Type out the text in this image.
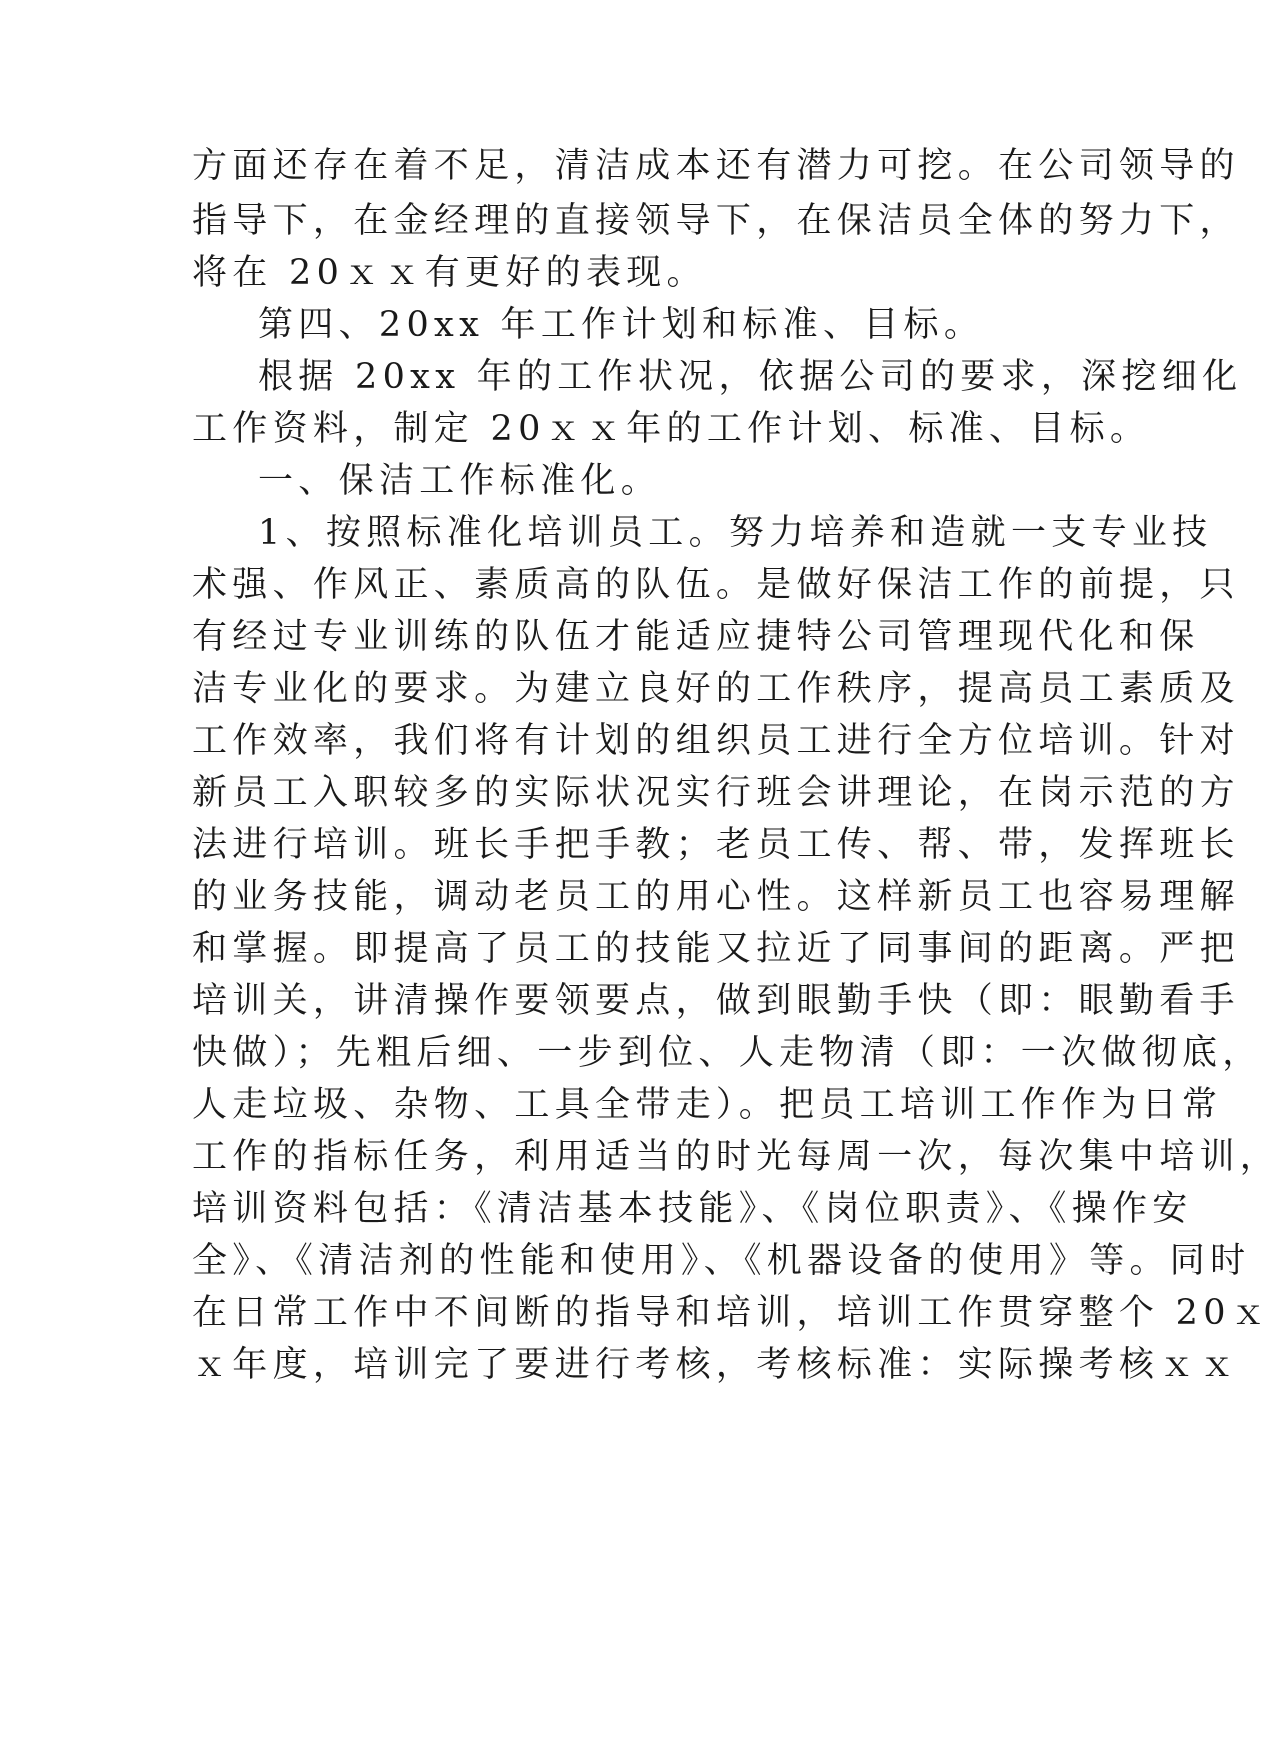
方面还存在着不足，清洁成本还有潜力可挖。在公司领导的
指导下，在金经理的直接领导下，在保洁员全体的努力下，
将在 20ｘｘ有更好的表现。
第四、20xx 年工作计划和标准、目标。
根据 20xx 年的工作状况，依据公司的要求，深挖细化
工作资料，制定 20ｘｘ年的工作计划、标准、目标。
一、保洁工作标准化。
1、按照标准化培训员工。努力培养和造就一支专业技
术强、作风正、素质高的队伍。是做好保洁工作的前提，只
有经过专业训练的队伍才能适应捷特公司管理现代化和保
洁专业化的要求。为建立良好的工作秩序，提高员工素质及
工作效率，我们将有计划的组织员工进行全方位培训。针对
新员工入职较多的实际状况实行班会讲理论，在岗示范的方
法进行培训。班长手把手教；老员工传、帮、带，发挥班长
的业务技能，调动老员工的用心性。这样新员工也容易理解
和掌握。即提高了员工的技能又拉近了同事间的距离。严把
培训关，讲清操作要领要点，做到眼勤手快（即：眼勤看手
快做）；先粗后细、一步到位、人走物清（即：一次做彻底，
人走垃圾、杂物、工具全带走）。把员工培训工作作为日常
工作的指标任务，利用适当的时光每周一次，每次集中培训，
培训资料包括：《清洁基本技能》、《岗位职责》、《操作安
全》、《清洁剂的性能和使用》、《机器设备的使用》等。同时
在日常工作中不间断的指导和培训，培训工作贯穿整个 20ｘ
ｘ年度，培训完了要进行考核，考核标准：实际操考核ｘｘ
